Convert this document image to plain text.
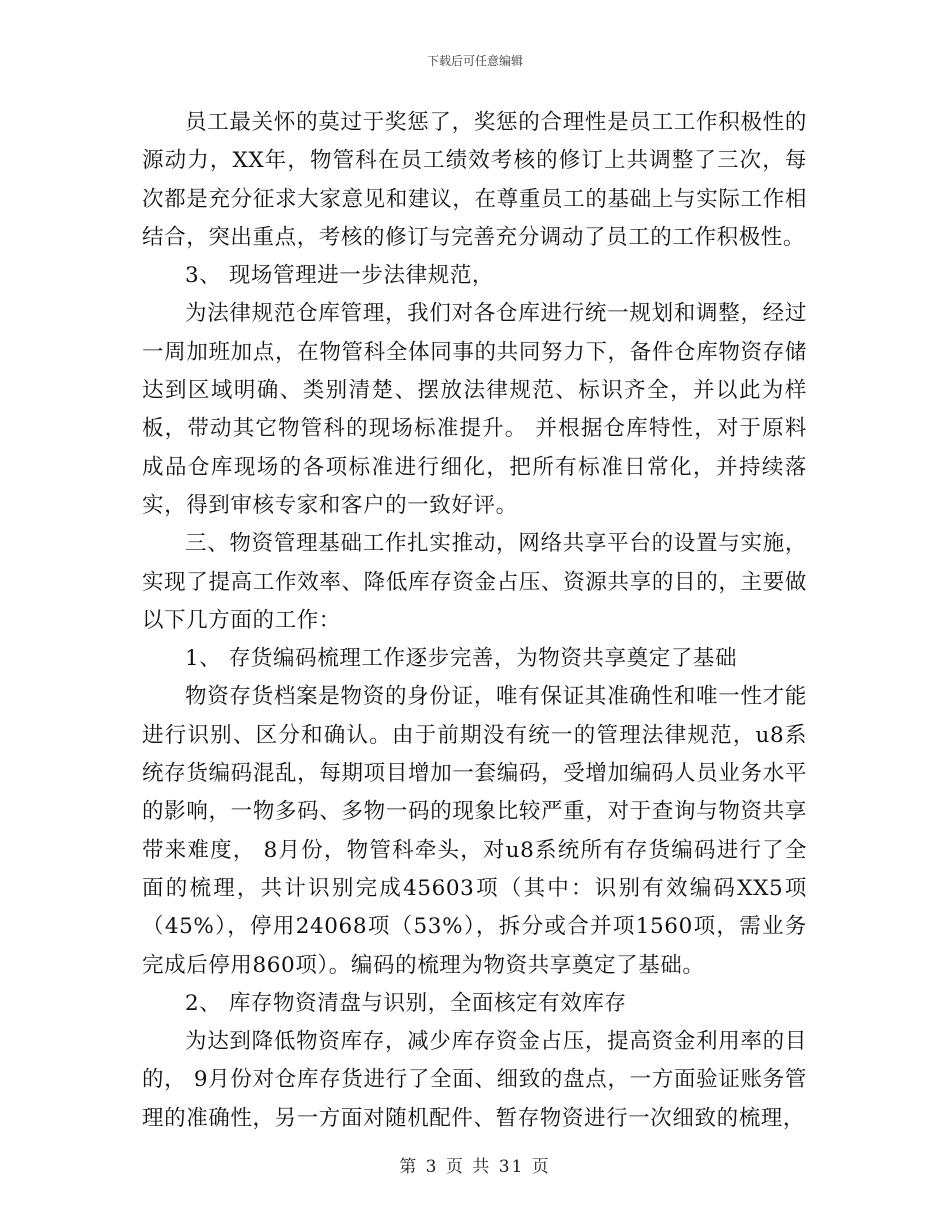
下载后可任意编辑

员工最关怀的莫过于奖惩了，奖惩的合理性是员工工作积极性的源动力，XX年，物管科在员工绩效考核的修订上共调整了三次，每次都是充分征求大家意见和建议，在尊重员工的基础上与实际工作相结合，突出重点，考核的修订与完善充分调动了员工的工作积极性。

3、 现场管理进一步法律规范，

为法律规范仓库管理，我们对各仓库进行统一规划和调整，经过一周加班加点，在物管科全体同事的共同努力下，备件仓库物资存储达到区域明确、类别清楚、摆放法律规范、标识齐全，并以此为样板，带动其它物管科的现场标准提升。 并根据仓库特性，对于原料成品仓库现场的各项标准进行细化，把所有标准日常化，并持续落实，得到审核专家和客户的一致好评。

三、物资管理基础工作扎实推动，网络共享平台的设置与实施，实现了提高工作效率、降低库存资金占压、资源共享的目的，主要做以下几方面的工作：

1、 存货编码梳理工作逐步完善，为物资共享奠定了基础

物资存货档案是物资的身份证，唯有保证其准确性和唯一性才能进行识别、区分和确认。由于前期没有统一的管理法律规范，u8系统存货编码混乱，每期项目增加一套编码，受增加编码人员业务水平的影响，一物多码、多物一码的现象比较严重，对于查询与物资共享带来难度， 8月份，物管科牵头，对u8系统所有存货编码进行了全面的梳理，共计识别完成45603项（其中：识别有效编码XX5项（45%），停用24068项（53%），拆分或合并项1560项，需业务完成后停用860项）。编码的梳理为物资共享奠定了基础。

2、 库存物资清盘与识别，全面核定有效库存

为达到降低物资库存，减少库存资金占压，提高资金利用率的目的， 9月份对仓库存货进行了全面、细致的盘点，一方面验证账务管理的准确性，另一方面对随机配件、暂存物资进行一次细致的梳理，

第 3 页 共 31 页
